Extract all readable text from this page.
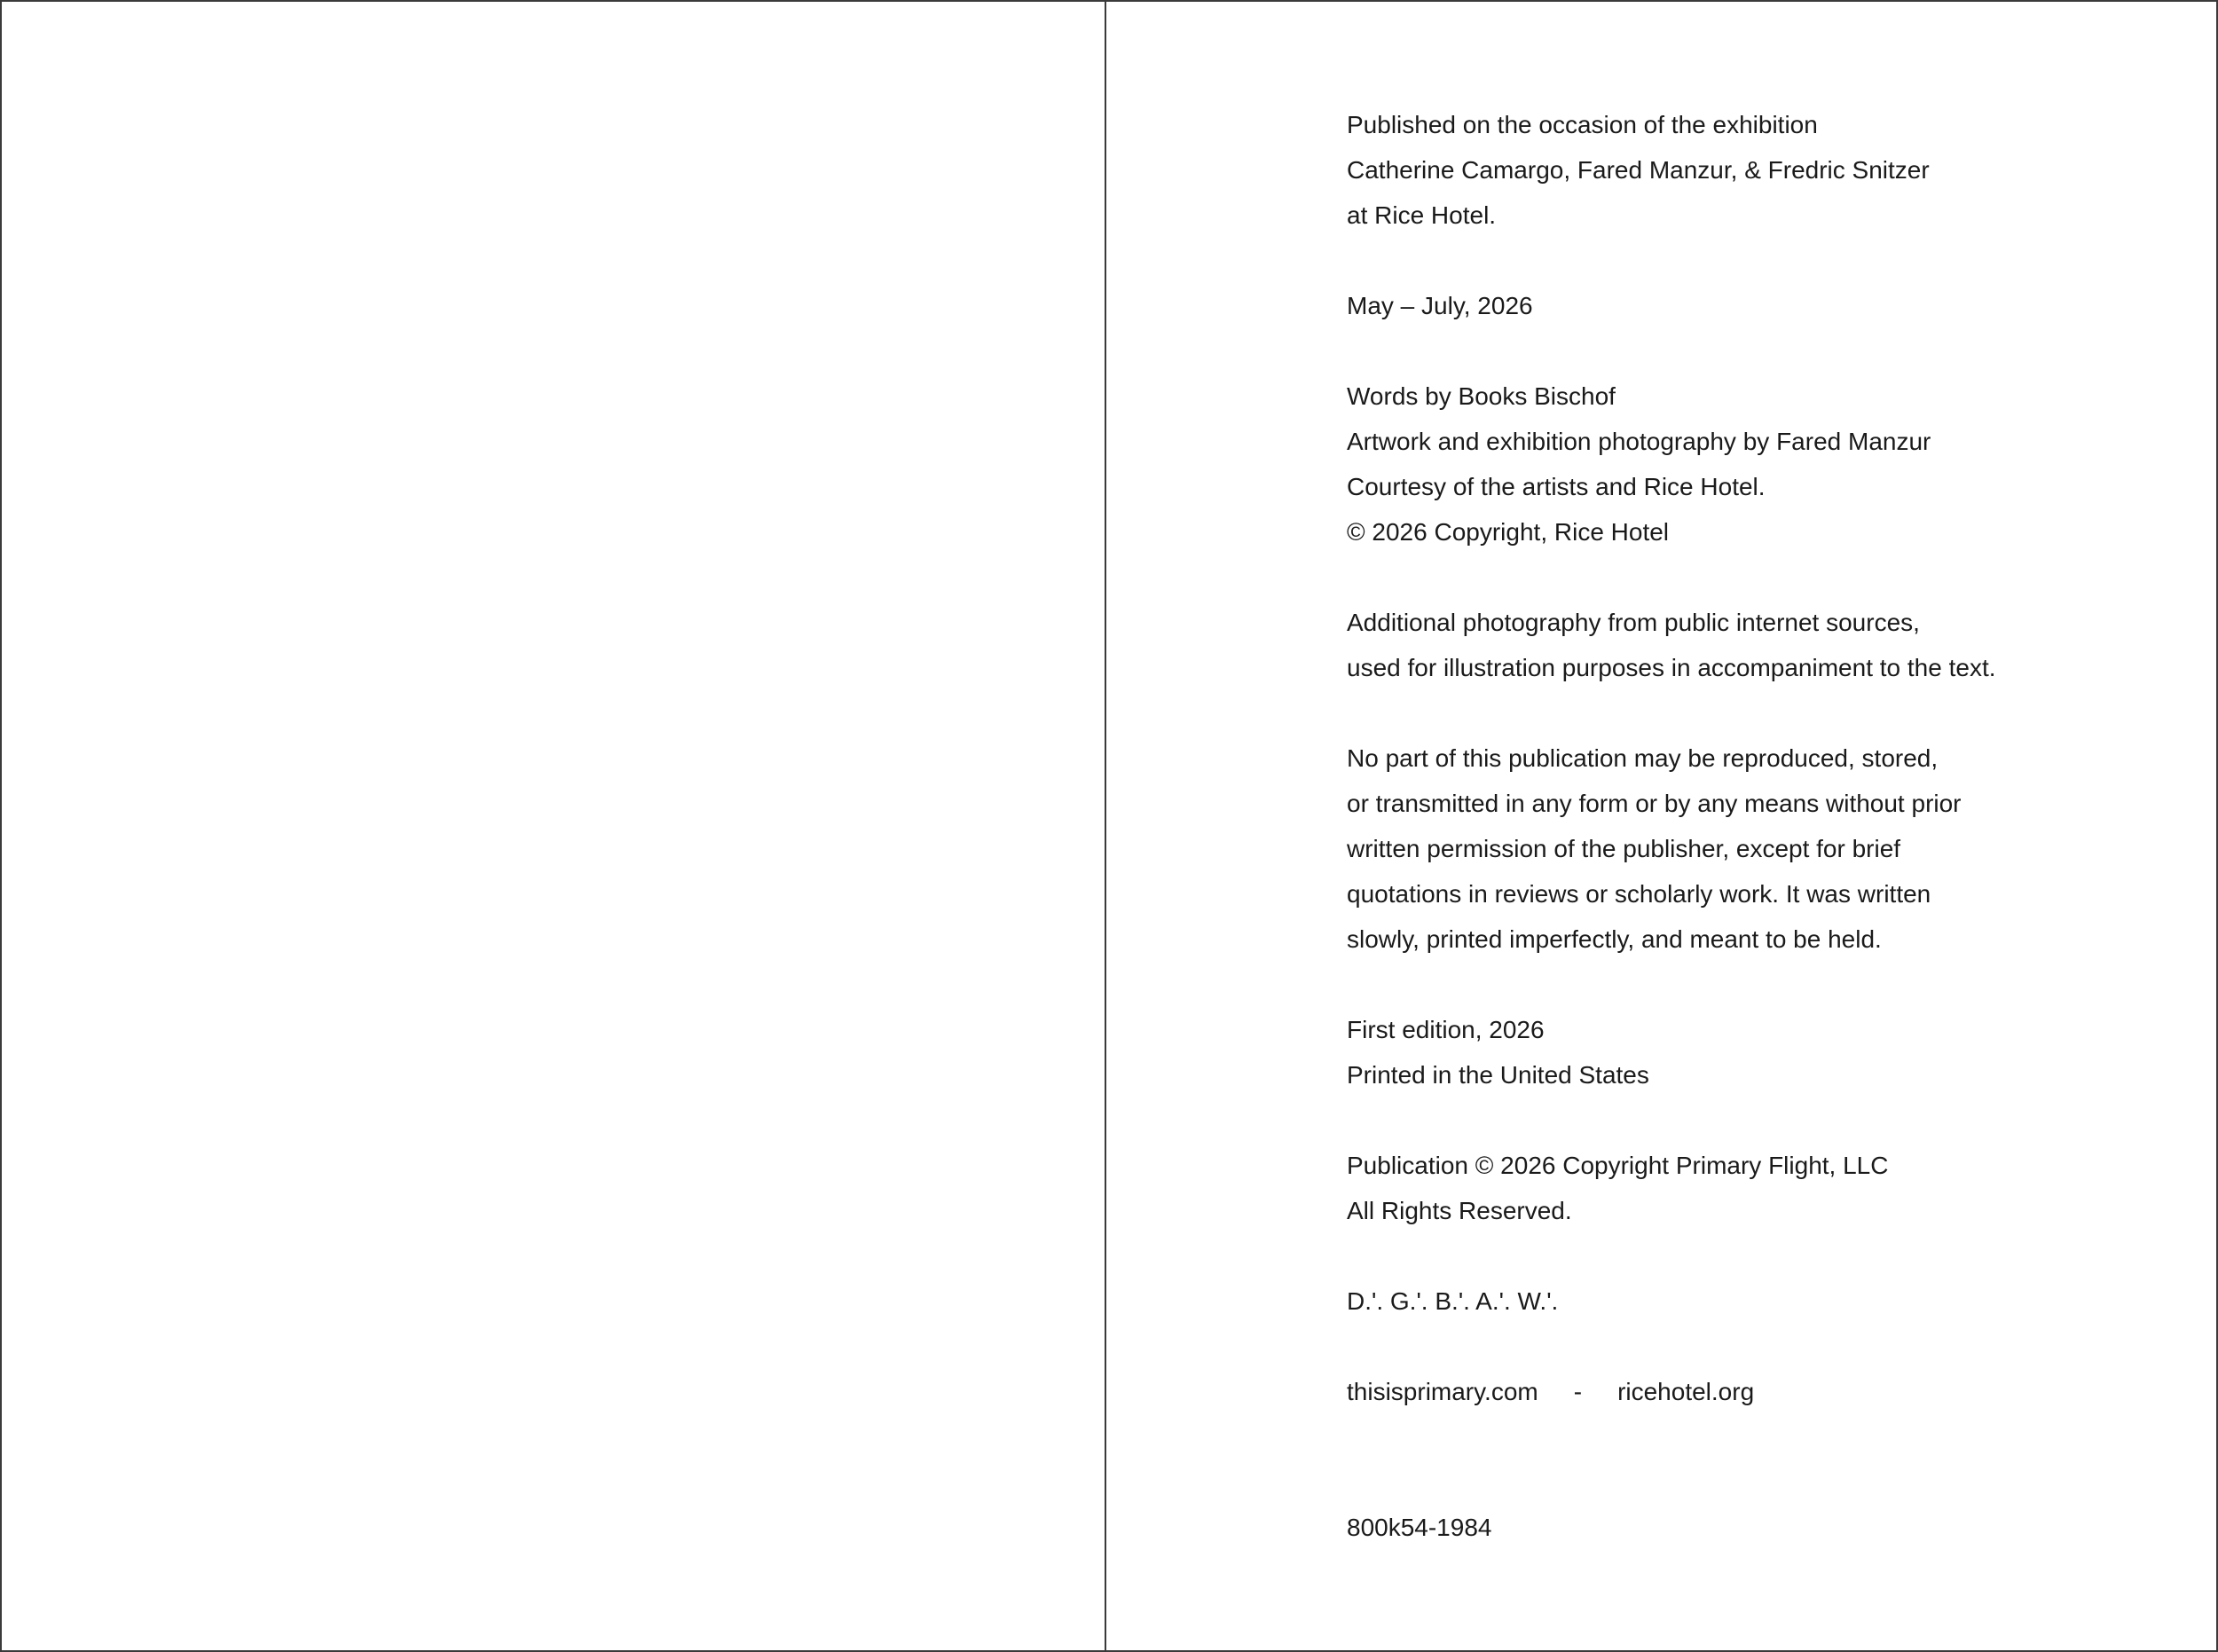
Published on the occasion of the exhibition
Catherine Camargo, Fared Manzur, & Fredric Snitzer
at Rice Hotel.
May – July, 2026
Words by Books Bischof
Artwork and exhibition photography by Fared Manzur
Courtesy of the artists and Rice Hotel.
© 2026 Copyright, Rice Hotel
Additional photography from public internet sources,
used for illustration purposes in accompaniment to the text.
No part of this publication may be reproduced, stored,
or transmitted in any form or by any means without prior
written permission of the publisher, except for brief
quotations in reviews or scholarly work. It was written
slowly, printed imperfectly, and meant to be held.
First edition, 2026
Printed in the United States
Publication © 2026 Copyright Primary Flight, LLC
All Rights Reserved.
D.'. G.'. B.'. A.'. W.'.
thisisprimary.com - ricehotel.org
800k54-1984
